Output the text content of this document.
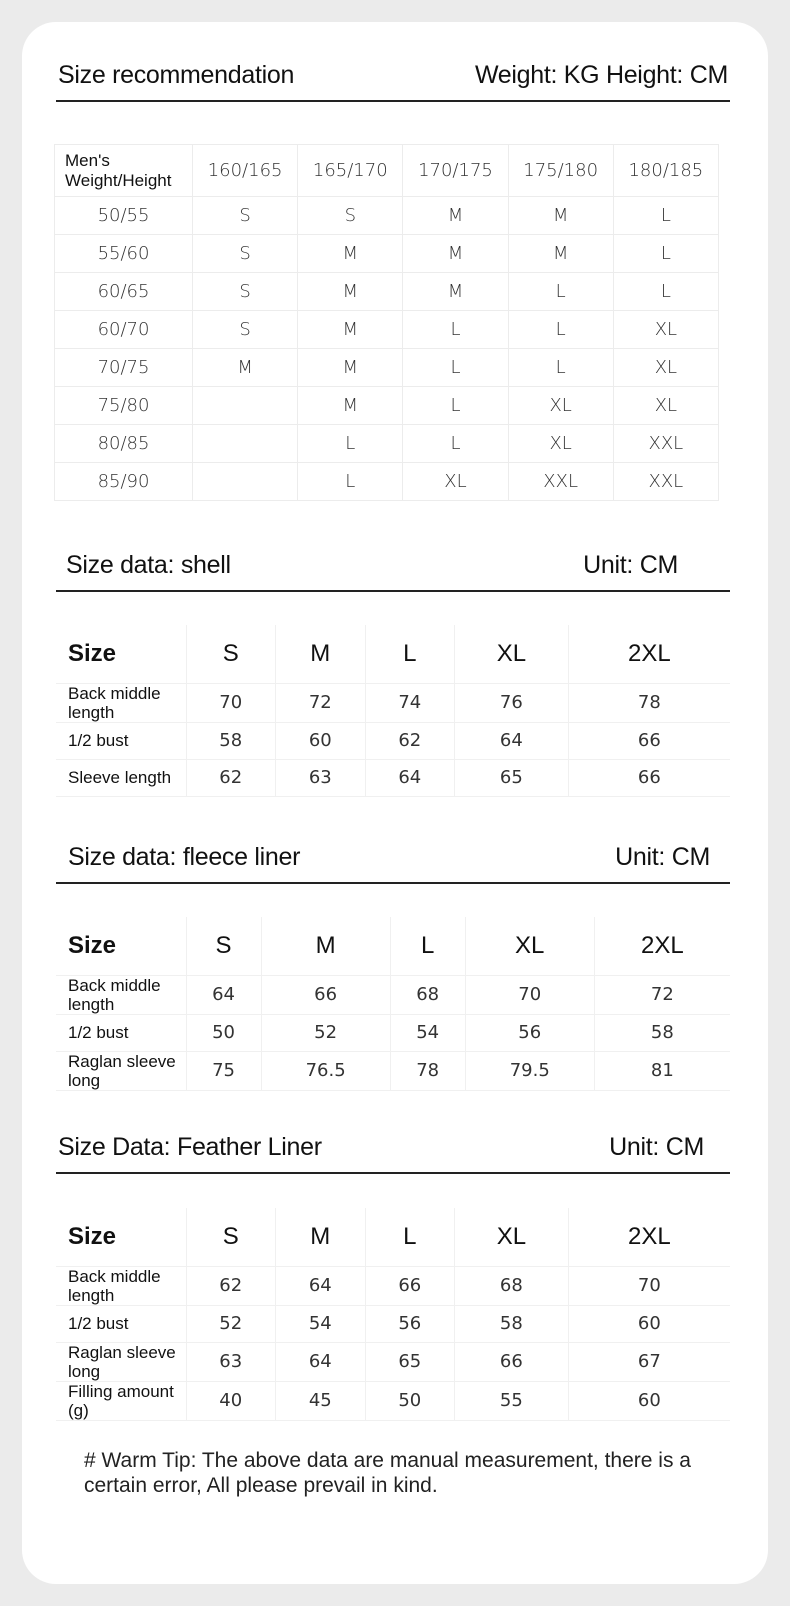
Size recommendation	Weight: KG Height: CM
Men's
Weight/Height	160/165	165/170	170/175	175/180	180/185
50/55	S	S	M	M	L
55/60	S	M	M	M	L
60/65	S	M	M	L	L
60/70	S	M	L	L	XL
70/75	M	M	L	L	XL
75/80		M	L	XL	XL
80/85		L	L	XL	XXL
85/90		L	XL	XXL	XXL
Size data: shell	Unit: CM
Size	S	M	L	XL	2XL
Back middle length	70	72	74	76	78
1/2 bust	58	60	62	64	66
Sleeve length	62	63	64	65	66
Size data: fleece liner	Unit: CM
Size	S	M	L	XL	2XL
Back middle length	64	66	68	70	72
1/2 bust	50	52	54	56	58
Raglan sleeve long	75	76.5	78	79.5	81
Size Data: Feather Liner	Unit: CM
Size	S	M	L	XL	2XL
Back middle length	62	64	66	68	70
1/2 bust	52	54	56	58	60
Raglan sleeve long	63	64	65	66	67
Filling amount (g)	40	45	50	55	60
# Warm Tip: The above data are manual measurement, there is a certain error, All please prevail in kind.
